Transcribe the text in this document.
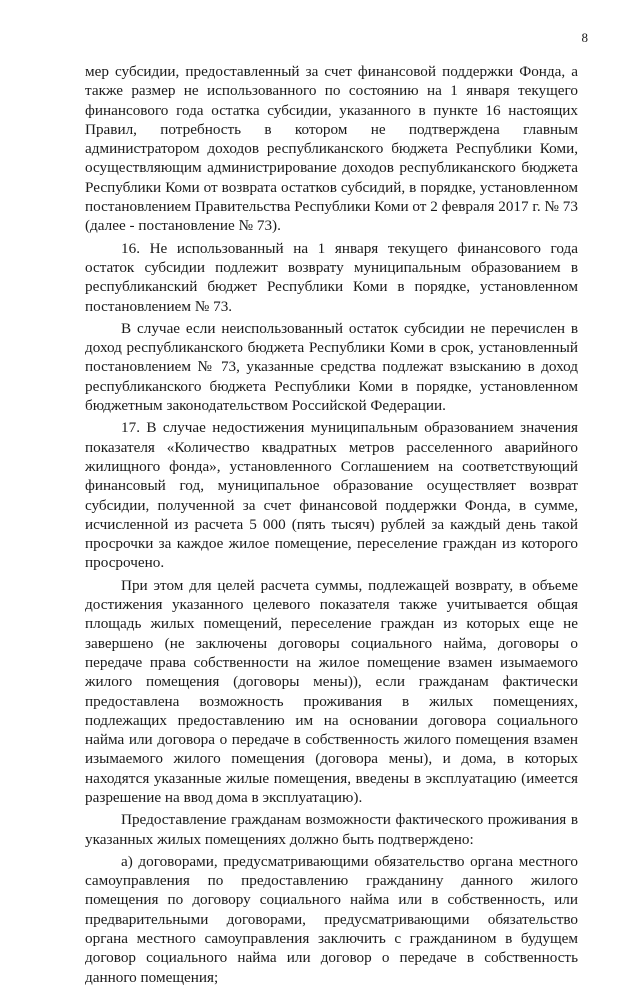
8

мер субсидии, предоставленный за счет финансовой поддержки Фонда, а также размер не использованного по состоянию на 1 января текущего финансового года остатка субсидии, указанного в пункте 16 настоящих Правил, потребность в котором не подтверждена главным администратором доходов республиканского бюджета Республики Коми, осуществляющим администрирование доходов республиканского бюджета Республики Коми от возврата остатков субсидий, в порядке, установленном постановлением Правительства Республики Коми от 2 февраля 2017 г. № 73 (далее - постановление № 73).

16. Не использованный на 1 января текущего финансового года остаток субсидии подлежит возврату муниципальным образованием в республиканский бюджет Республики Коми в порядке, установленном постановлением № 73.

В случае если неиспользованный остаток субсидии не перечислен в доход республиканского бюджета Республики Коми в срок, установленный постановлением № 73, указанные средства подлежат взысканию в доход республиканского бюджета Республики Коми в порядке, установленном бюджетным законодательством Российской Федерации.

17. В случае недостижения муниципальным образованием значения показателя «Количество квадратных метров расселенного аварийного жилищного фонда», установленного Соглашением на соответствующий финансовый год, муниципальное образование осуществляет возврат субсидии, полученной за счет финансовой поддержки Фонда, в сумме, исчисленной из расчета 5 000 (пять тысяч) рублей за каждый день такой просрочки за каждое жилое помещение, переселение граждан из которого просрочено.

При этом для целей расчета суммы, подлежащей возврату, в объеме достижения указанного целевого показателя также учитывается общая площадь жилых помещений, переселение граждан из которых еще не завершено (не заключены договоры социального найма, договоры о передаче права собственности на жилое помещение взамен изымаемого жилого помещения (договоры мены)), если гражданам фактически предоставлена возможность проживания в жилых помещениях, подлежащих предоставлению им на основании договора социального найма или договора о передаче в собственность жилого помещения взамен изымаемого жилого помещения (договора мены), и дома, в которых находятся указанные жилые помещения, введены в эксплуатацию (имеется разрешение на ввод дома в эксплуатацию).

Предоставление гражданам возможности фактического проживания в указанных жилых помещениях должно быть подтверждено:

а) договорами, предусматривающими обязательство органа местного самоуправления по предоставлению гражданину данного жилого помещения по договору социального найма или в собственность, или предварительными договорами, предусматривающими обязательство органа местного самоуправления заключить с гражданином в будущем договор социального найма или договор о передаче в собственность данного помещения;
